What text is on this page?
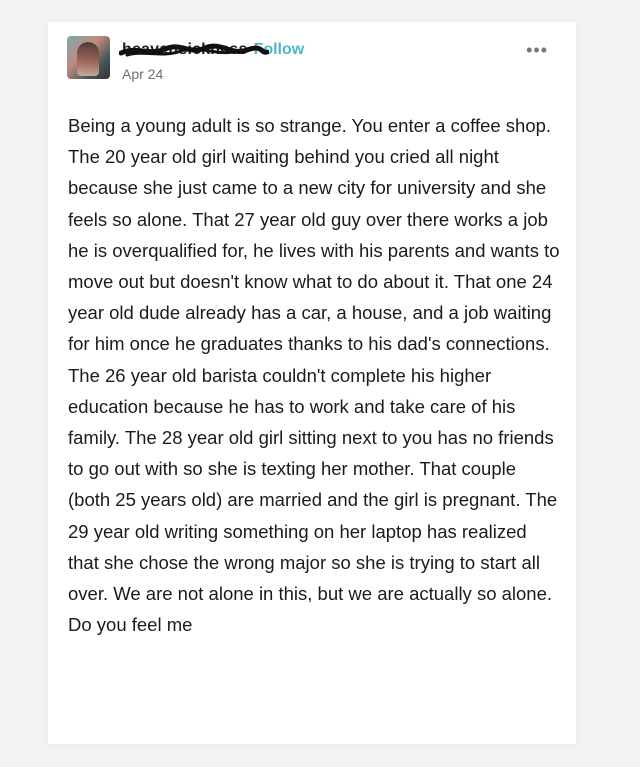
heavensickness Follow
Apr 24
•••
Being a young adult is so strange. You enter a coffee shop. The 20 year old girl waiting behind you cried all night because she just came to a new city for university and she feels so alone. That 27 year old guy over there works a job he is overqualified for, he lives with his parents and wants to move out but doesn't know what to do about it. That one 24 year old dude already has a car, a house, and a job waiting for him once he graduates thanks to his dad's connections. The 26 year old barista couldn't complete his higher education because he has to work and take care of his family. The 28 year old girl sitting next to you has no friends to go out with so she is texting her mother. That couple (both 25 years old) are married and the girl is pregnant. The 29 year old writing something on her laptop has realized that she chose the wrong major so she is trying to start all over. We are not alone in this, but we are actually so alone. Do you feel me
